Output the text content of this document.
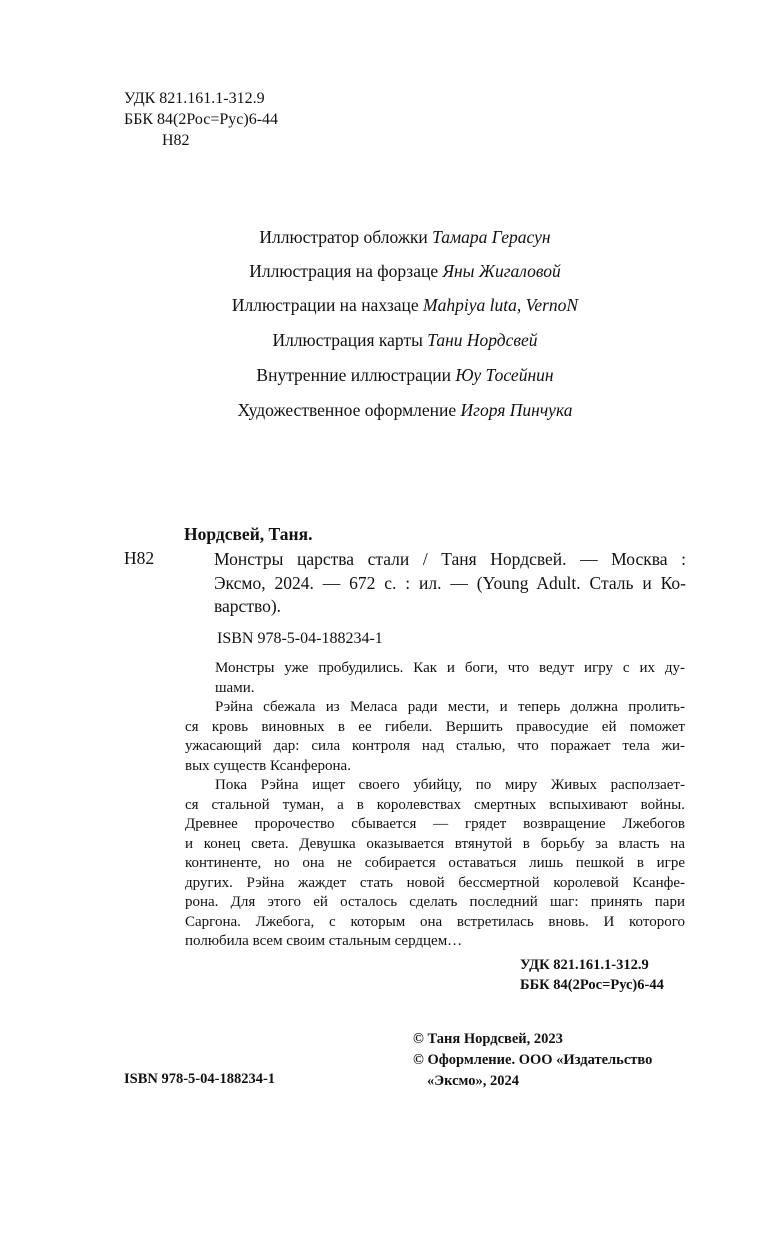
УДК 821.161.1-312.9
ББК 84(2Рос=Рус)6-44
Н82
Иллюстратор обложки Тамара Герасун
Иллюстрация на форзаце Яны Жигаловой
Иллюстрации на нахзаце Mahpiya luta, VernoN
Иллюстрация карты Тани Нордсвей
Внутренние иллюстрации Юу Тосейнин
Художественное оформление Игоря Пинчука
Нордсвей, Таня.
Н82	Монстры царства стали / Таня Нордсвей. — Москва :
Эксмо, 2024. — 672 с. : ил. — (Young Adult. Сталь и Ко-
варство).
ISBN 978-5-04-188234-1
Монстры уже пробудились. Как и боги, что ведут игру с их ду-
шами.
Рэйна сбежала из Меласа ради мести, и теперь должна пролить-
ся кровь виновных в ее гибели. Вершить правосудие ей поможет
ужасающий дар: сила контроля над сталью, что поражает тела жи-
вых существ Ксанферона.
Пока Рэйна ищет своего убийцу, по миру Живых расползает-
ся стальной туман, а в королевствах смертных вспыхивают войны.
Древнее пророчество сбывается — грядет возвращение Лжебогов
и конец света. Девушка оказывается втянутой в борьбу за власть на
континенте, но она не собирается оставаться лишь пешкой в игре
других. Рэйна жаждет стать новой бессмертной королевой Ксанфе-
рона. Для этого ей осталось сделать последний шаг: принять пари
Саргона. Лжебога, с которым она встретилась вновь. И которого
полюбила всем своим стальным сердцем…
УДК 821.161.1-312.9
ББК 84(2Рос=Рус)6-44
© Таня Нордсвей, 2023
© Оформление. ООО «Издательство
«Эксмо», 2024
ISBN 978-5-04-188234-1
